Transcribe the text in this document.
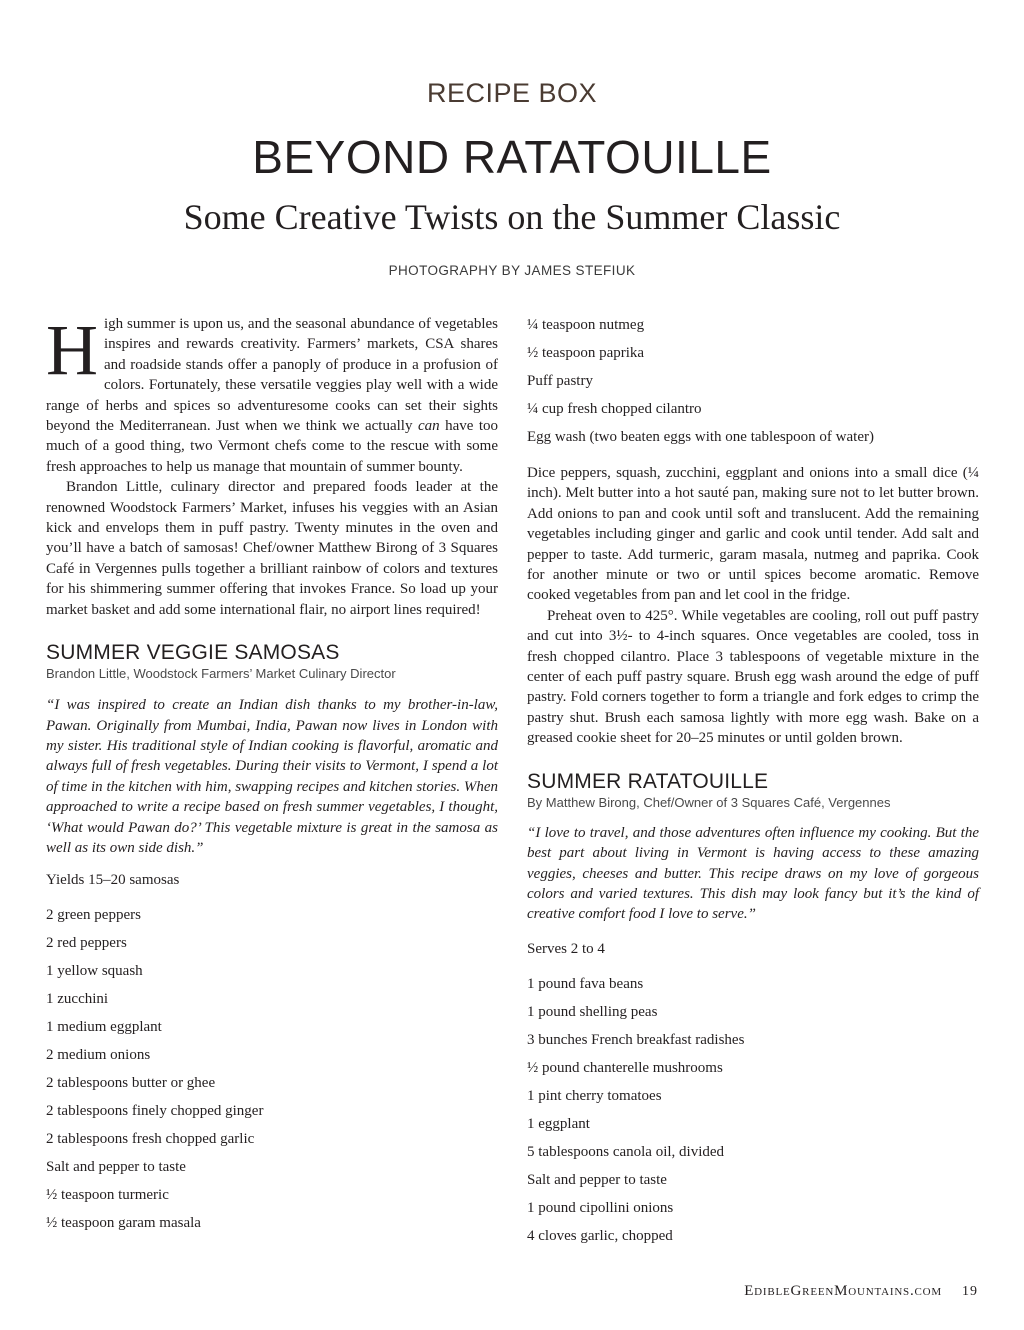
RECIPE BOX
BEYOND RATATOUILLE
Some Creative Twists on the Summer Classic
PHOTOGRAPHY BY JAMES STEFIUK

High summer is upon us, and the seasonal abundance of vegetables inspires and rewards creativity. Farmers’ markets, CSA shares and roadside stands offer a panoply of produce in a profusion of colors. Fortunately, these versatile veggies play well with a wide range of herbs and spices so adventuresome cooks can set their sights beyond the Mediterranean. Just when we think we actually can have too much of a good thing, two Vermont chefs come to the rescue with some fresh approaches to help us manage that mountain of summer bounty.

Brandon Little, culinary director and prepared foods leader at the renowned Woodstock Farmers’ Market, infuses his veggies with an Asian kick and envelops them in puff pastry. Twenty minutes in the oven and you’ll have a batch of samosas! Chef/owner Matthew Birong of 3 Squares Café in Vergennes pulls together a brilliant rainbow of colors and textures for his shimmering summer offering that invokes France. So load up your market basket and add some international flair, no airport lines required!

SUMMER VEGGIE SAMOSAS

Brandon Little, Woodstock Farmers’ Market Culinary Director

“I was inspired to create an Indian dish thanks to my brother-in-law, Pawan. Originally from Mumbai, India, Pawan now lives in London with my sister. His traditional style of Indian cooking is flavorful, aromatic and always full of fresh vegetables. During their visits to Vermont, I spend a lot of time in the kitchen with him, swapping recipes and kitchen stories. When approached to write a recipe based on fresh summer vegetables, I thought, ‘What would Pawan do?’ This vegetable mixture is great in the samosa as well as its own side dish.”

Yields 15–20 samosas

2 green peppers
2 red peppers
1 yellow squash
1 zucchini
1 medium eggplant
2 medium onions
2 tablespoons butter or ghee
2 tablespoons finely chopped ginger
2 tablespoons fresh chopped garlic
Salt and pepper to taste
½ teaspoon turmeric
½ teaspoon garam masala
¼ teaspoon nutmeg
½ teaspoon paprika
Puff pastry
¼ cup fresh chopped cilantro
Egg wash (two beaten eggs with one tablespoon of water)

Dice peppers, squash, zucchini, eggplant and onions into a small dice (¼ inch). Melt butter into a hot sauté pan, making sure not to let butter brown. Add onions to pan and cook until soft and translucent. Add the remaining vegetables including ginger and garlic and cook until tender. Add salt and pepper to taste. Add turmeric, garam masala, nutmeg and paprika. Cook for another minute or two or until spices become aromatic. Remove cooked vegetables from pan and let cool in the fridge.

Preheat oven to 425°. While vegetables are cooling, roll out puff pastry and cut into 3½- to 4-inch squares. Once vegetables are cooled, toss in fresh chopped cilantro. Place 3 tablespoons of vegetable mixture in the center of each puff pastry square. Brush egg wash around the edge of puff pastry. Fold corners together to form a triangle and fork edges to crimp the pastry shut. Brush each samosa lightly with more egg wash. Bake on a greased cookie sheet for 20–25 minutes or until golden brown.

SUMMER RATATOUILLE

By Matthew Birong, Chef/Owner of 3 Squares Café, Vergennes

“I love to travel, and those adventures often influence my cooking. But the best part about living in Vermont is having access to these amazing veggies, cheeses and butter. This recipe draws on my love of gorgeous colors and varied textures. This dish may look fancy but it’s the kind of creative comfort food I love to serve.”

Serves 2 to 4

1 pound fava beans
1 pound shelling peas
3 bunches French breakfast radishes
½ pound chanterelle mushrooms
1 pint cherry tomatoes
1 eggplant
5 tablespoons canola oil, divided
Salt and pepper to taste
1 pound cipollini onions
4 cloves garlic, chopped
EdibleGreenMountains.com 19
